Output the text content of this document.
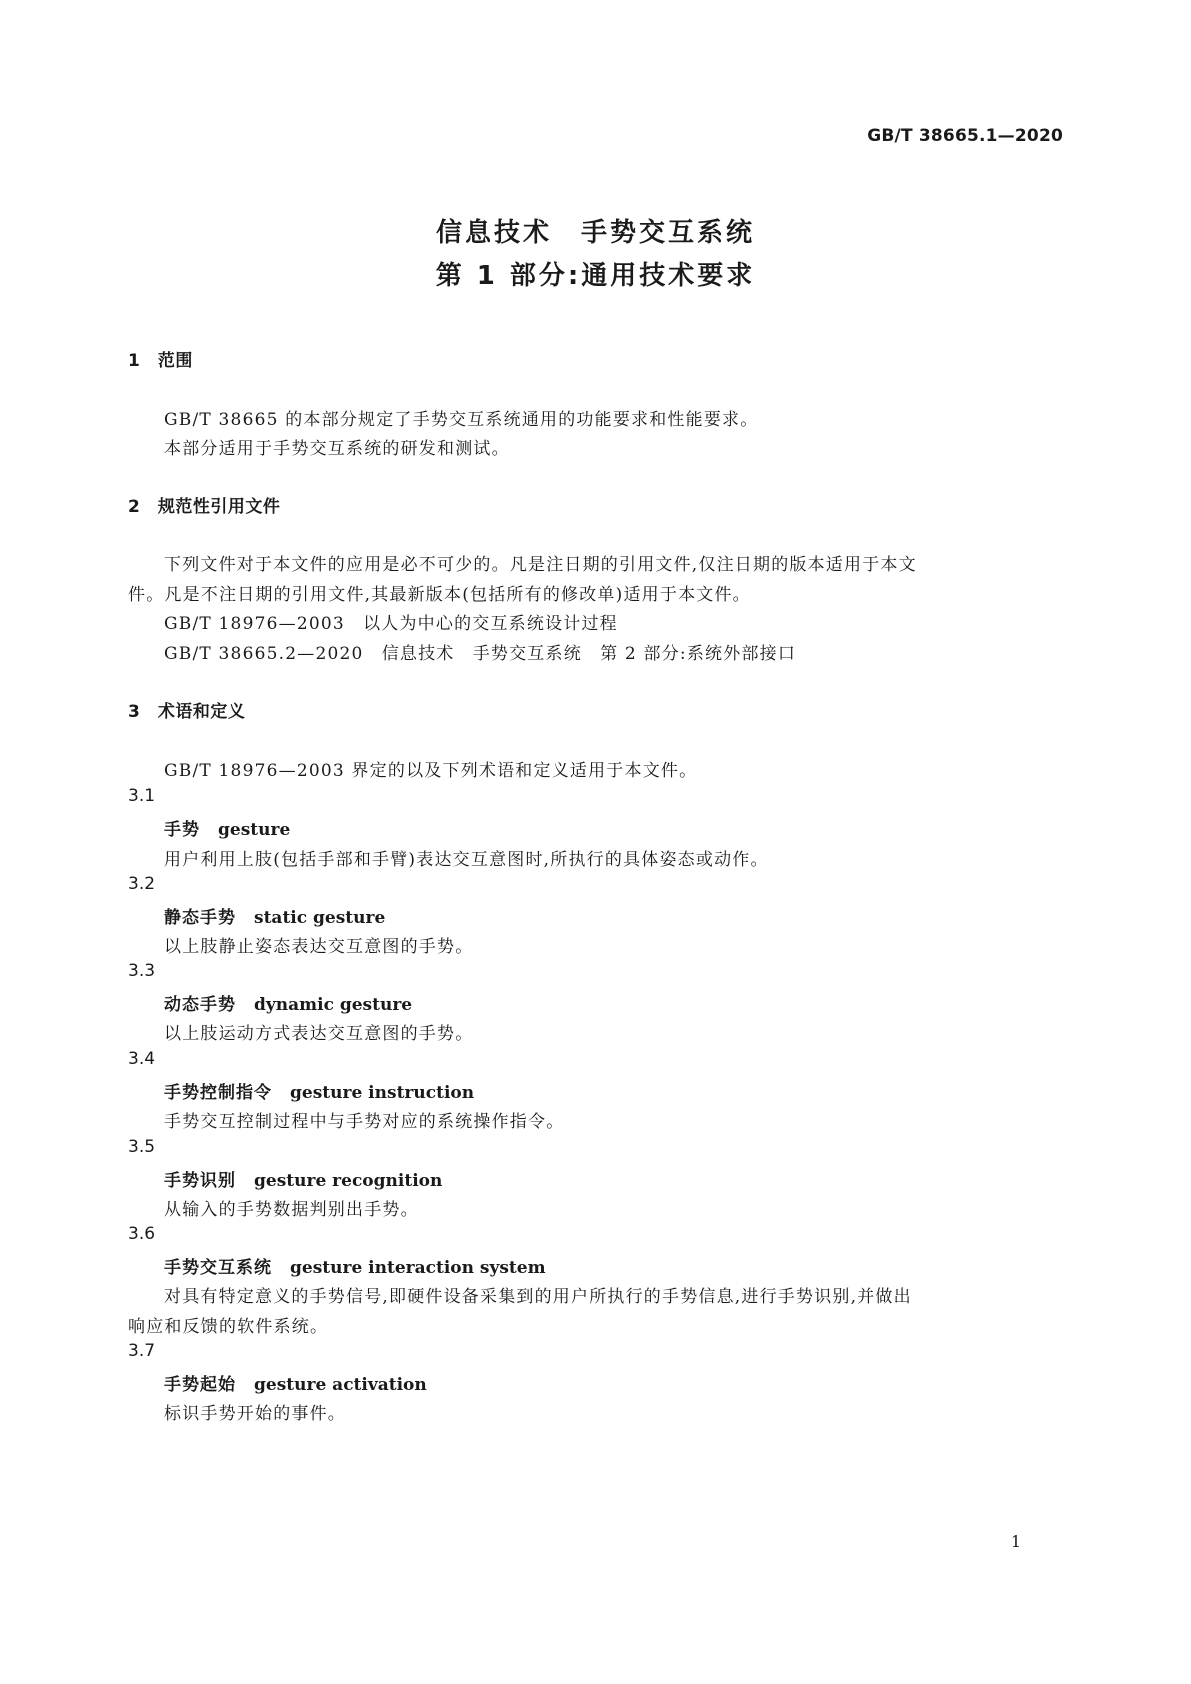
GB/T 38665.1—2020
信息技术　手势交互系统
第 1 部分:通用技术要求
1　范围
GB/T 38665 的本部分规定了手势交互系统通用的功能要求和性能要求。
本部分适用于手势交互系统的研发和测试。
2　规范性引用文件
下列文件对于本文件的应用是必不可少的。凡是注日期的引用文件,仅注日期的版本适用于本文
件。凡是不注日期的引用文件,其最新版本(包括所有的修改单)适用于本文件。
GB/T 18976—2003　以人为中心的交互系统设计过程
GB/T 38665.2—2020　信息技术　手势交互系统　第 2 部分:系统外部接口
3　术语和定义
GB/T 18976—2003 界定的以及下列术语和定义适用于本文件。
3.1
手势 gesture
用户利用上肢(包括手部和手臂)表达交互意图时,所执行的具体姿态或动作。
3.2
静态手势 static gesture
以上肢静止姿态表达交互意图的手势。
3.3
动态手势 dynamic gesture
以上肢运动方式表达交互意图的手势。
3.4
手势控制指令 gesture instruction
手势交互控制过程中与手势对应的系统操作指令。
3.5
手势识别 gesture recognition
从输入的手势数据判别出手势。
3.6
手势交互系统 gesture interaction system
对具有特定意义的手势信号,即硬件设备采集到的用户所执行的手势信息,进行手势识别,并做出
响应和反馈的软件系统。
3.7
手势起始 gesture activation
标识手势开始的事件。
1
